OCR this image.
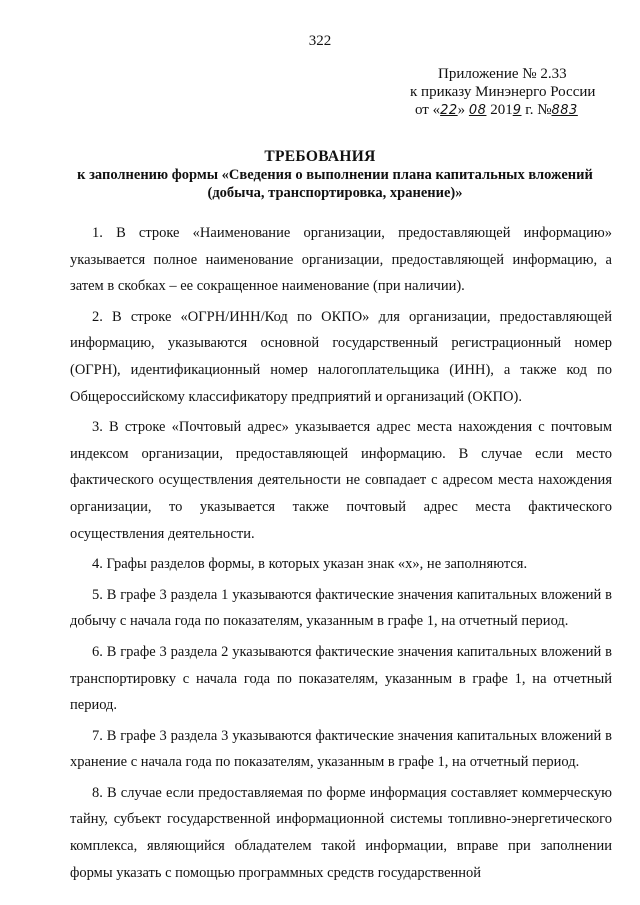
322
Приложение № 2.33
к приказу Минэнерго России
от «22» 08 2019 г. №883
ТРЕБОВАНИЯ
к заполнению формы «Сведения о выполнении плана капитальных вложений (добыча, транспортировка, хранение)»

1. В строке «Наименование организации, предоставляющей информацию» указывается полное наименование организации, предоставляющей информацию, а затем в скобках – ее сокращенное наименование (при наличии).

2. В строке «ОГРН/ИНН/Код по ОКПО» для организации, предоставляющей информацию, указываются основной государственный регистрационный номер (ОГРН), идентификационный номер налогоплательщика (ИНН), а также код по Общероссийскому классификатору предприятий и организаций (ОКПО).

3. В строке «Почтовый адрес» указывается адрес места нахождения с почтовым индексом организации, предоставляющей информацию. В случае если место фактического осуществления деятельности не совпадает с адресом места нахождения организации, то указывается также почтовый адрес места фактического осуществления деятельности.

4. Графы разделов формы, в которых указан знак «х», не заполняются.

5. В графе 3 раздела 1 указываются фактические значения капитальных вложений в добычу с начала года по показателям, указанным в графе 1, на отчетный период.

6. В графе 3 раздела 2 указываются фактические значения капитальных вложений в транспортировку с начала года по показателям, указанным в графе 1, на отчетный период.

7. В графе 3 раздела 3 указываются фактические значения капитальных вложений в хранение с начала года по показателям, указанным в графе 1, на отчетный период.

8. В случае если предоставляемая по форме информация составляет коммерческую тайну, субъект государственной информационной системы топливно-энергетического комплекса, являющийся обладателем такой информации, вправе при заполнении формы указать с помощью программных средств государственной
